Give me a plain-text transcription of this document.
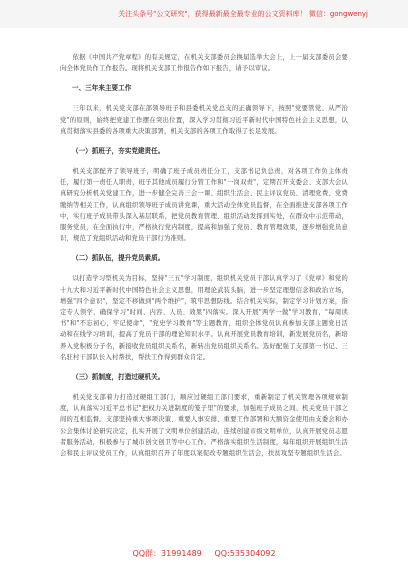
关注头条号"公文研究"，获得最新最全最专业的公文资料库！ 微信：gongwenyj

依据《中国共产党章程》的有关规定，在机关支部委员会换届选举大会上，上一届支部委员会要向全体党员作工作报告。现将机关支部工作报告作如下报告，请予以审议。

一、三年来主要工作

三年以来，机关党支部在部领导班子和县委机关党总支的正确领导下，按照"党要管党、从严治党"的原则，始终把党建工作摆在突出位置，深入学习贯彻习近平新时代中国特色社会主义思想，认真贯彻落实县委的各项重大决策部署，机关支部的各项工作取得了长足发展。

（一）抓班子，夯实党建责任。

机关支部配齐了领导班子，明确了班子成员责任分工，支部书记负总责，对各项工作负主体责任，履行第一责任人职责，班子其他成员履行分管工作和"一岗双责"，定期召开支委会、支部大会认真研究分析机关党建工作，进一步健全完善三会一课、组织生活会、民主评议党员、清理党费、党费缴纳等相关工作，认真组织领导班子成员讲党课，重大活动全体党员监督，在全面推进支部各项工作中，实行班子成员带头深入基层联系，把党员教育管理、组织活动发挥到实处，在群众中示范带动，服务党员，在全面执行中，严格执行党内制度，提高和加强了党员、教育管理效果，逐步增强党员意识，规范了党组织活动和党员干部行为准则。

（二）抓队伍，提升党员素质。

以打造学习型机关为目标，坚持"三五"学习制度，组织机关党员干部认真学习了《党章》和党的十九大和习近平新时代中国特色社会主义思想，用理论武装头脑，进一步坚定理想信念和政治立场，增强"四个意识"，坚定不移做到"两个维护"，筑牢思想防线。结合机关实际，制定学习计划方案，指定专人领学，确保学习"时间、内容、人员、效果"四落实。深入开展"两学一做"学习教育，"每周读书"和"不忘初心，牢记使命"，"党史学习教育"等主题教育，组织全体党员认真参加支部主题党日活动和在线学习培训，提高了党员干部的理论知识水平。认真开展党员教育培训，新发展党员名，新培养入党积极分子名，新接收党员组织关系名，新转出党员组织关系名。选好配强了支部第一书记、三名驻村干部队长入村帮扶，帮扶工作得到群众肯定。

（三）抓制度，打造过硬机关。

机关党支部着力打造过硬组工部门，顺应过硬组工部门要求，重新制定了机关管理各项规章制度，认真落实习近平总书记"把权力关进制度的笼子里"的要求，加强班子成员之间、机关党员干部之间的互相监督。支部坚持重大事项决策、重要人事安排、重要工作部署和大额资金使用由支委会和办公会集体讨论研究决定，扎实开展了文明单位创建活动，连续创建市级文明单位，认真开展党员志愿者服务活动，积极参与了城市创文创卫等中心工作。严格落实组织生活制度，每年组织开展组织生活会和民主评议党员工作，认真组织召开了年度以案促改专题组织生活会，扶贫攻坚专题组织生活会。

QQ群：31991489     QQ:535304092
